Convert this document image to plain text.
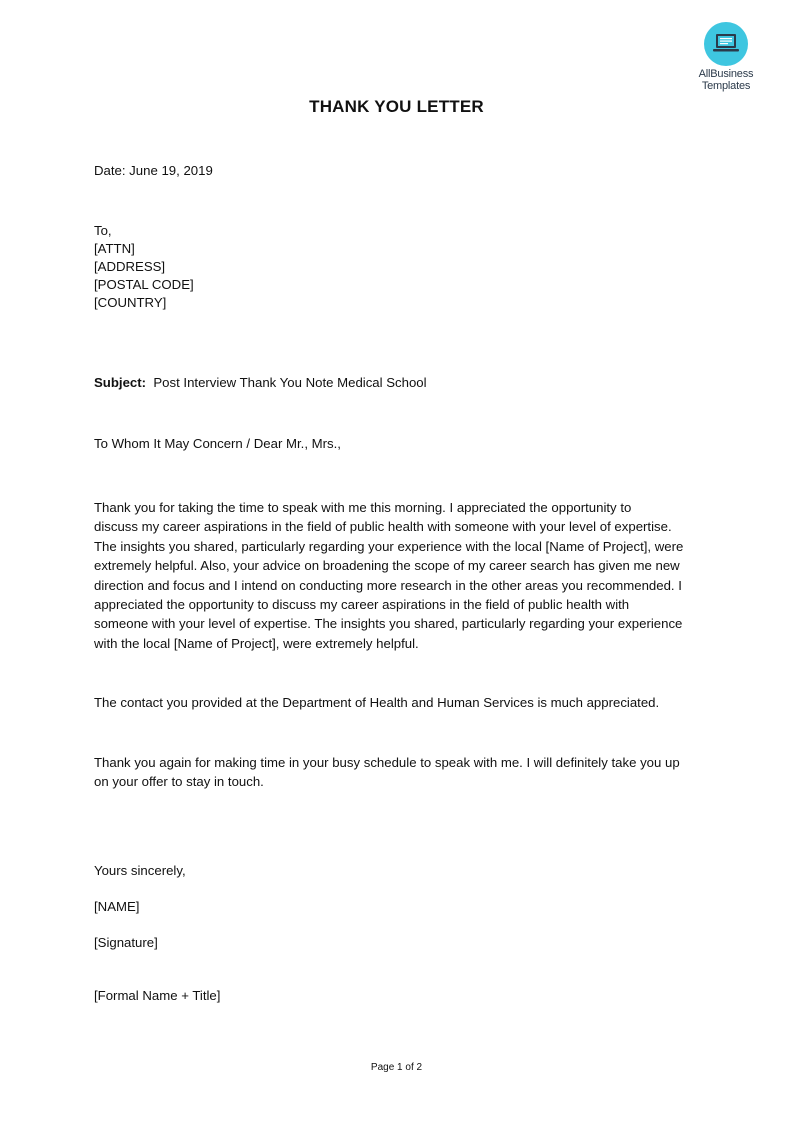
AllBusiness
Templates
THANK YOU LETTER
Date: June 19, 2019
To,
[ATTN]
[ADDRESS]
[POSTAL CODE]
[COUNTRY]
Subject: Post Interview Thank You Note Medical School
To Whom It May Concern / Dear Mr., Mrs.,
Thank you for taking the time to speak with me this morning. I appreciated the opportunity to
discuss my career aspirations in the field of public health with someone with your level of expertise.
The insights you shared, particularly regarding your experience with the local [Name of Project], were
extremely helpful. Also, your advice on broadening the scope of my career search has given me new
direction and focus and I intend on conducting more research in the other areas you recommended. I
appreciated the opportunity to discuss my career aspirations in the field of public health with
someone with your level of expertise. The insights you shared, particularly regarding your experience
with the local [Name of Project], were extremely helpful.
The contact you provided at the Department of Health and Human Services is much appreciated.
Thank you again for making time in your busy schedule to speak with me. I will definitely take you up
on your offer to stay in touch.
Yours sincerely,
[NAME]
[Signature]
[Formal Name + Title]
Page 1 of 2
